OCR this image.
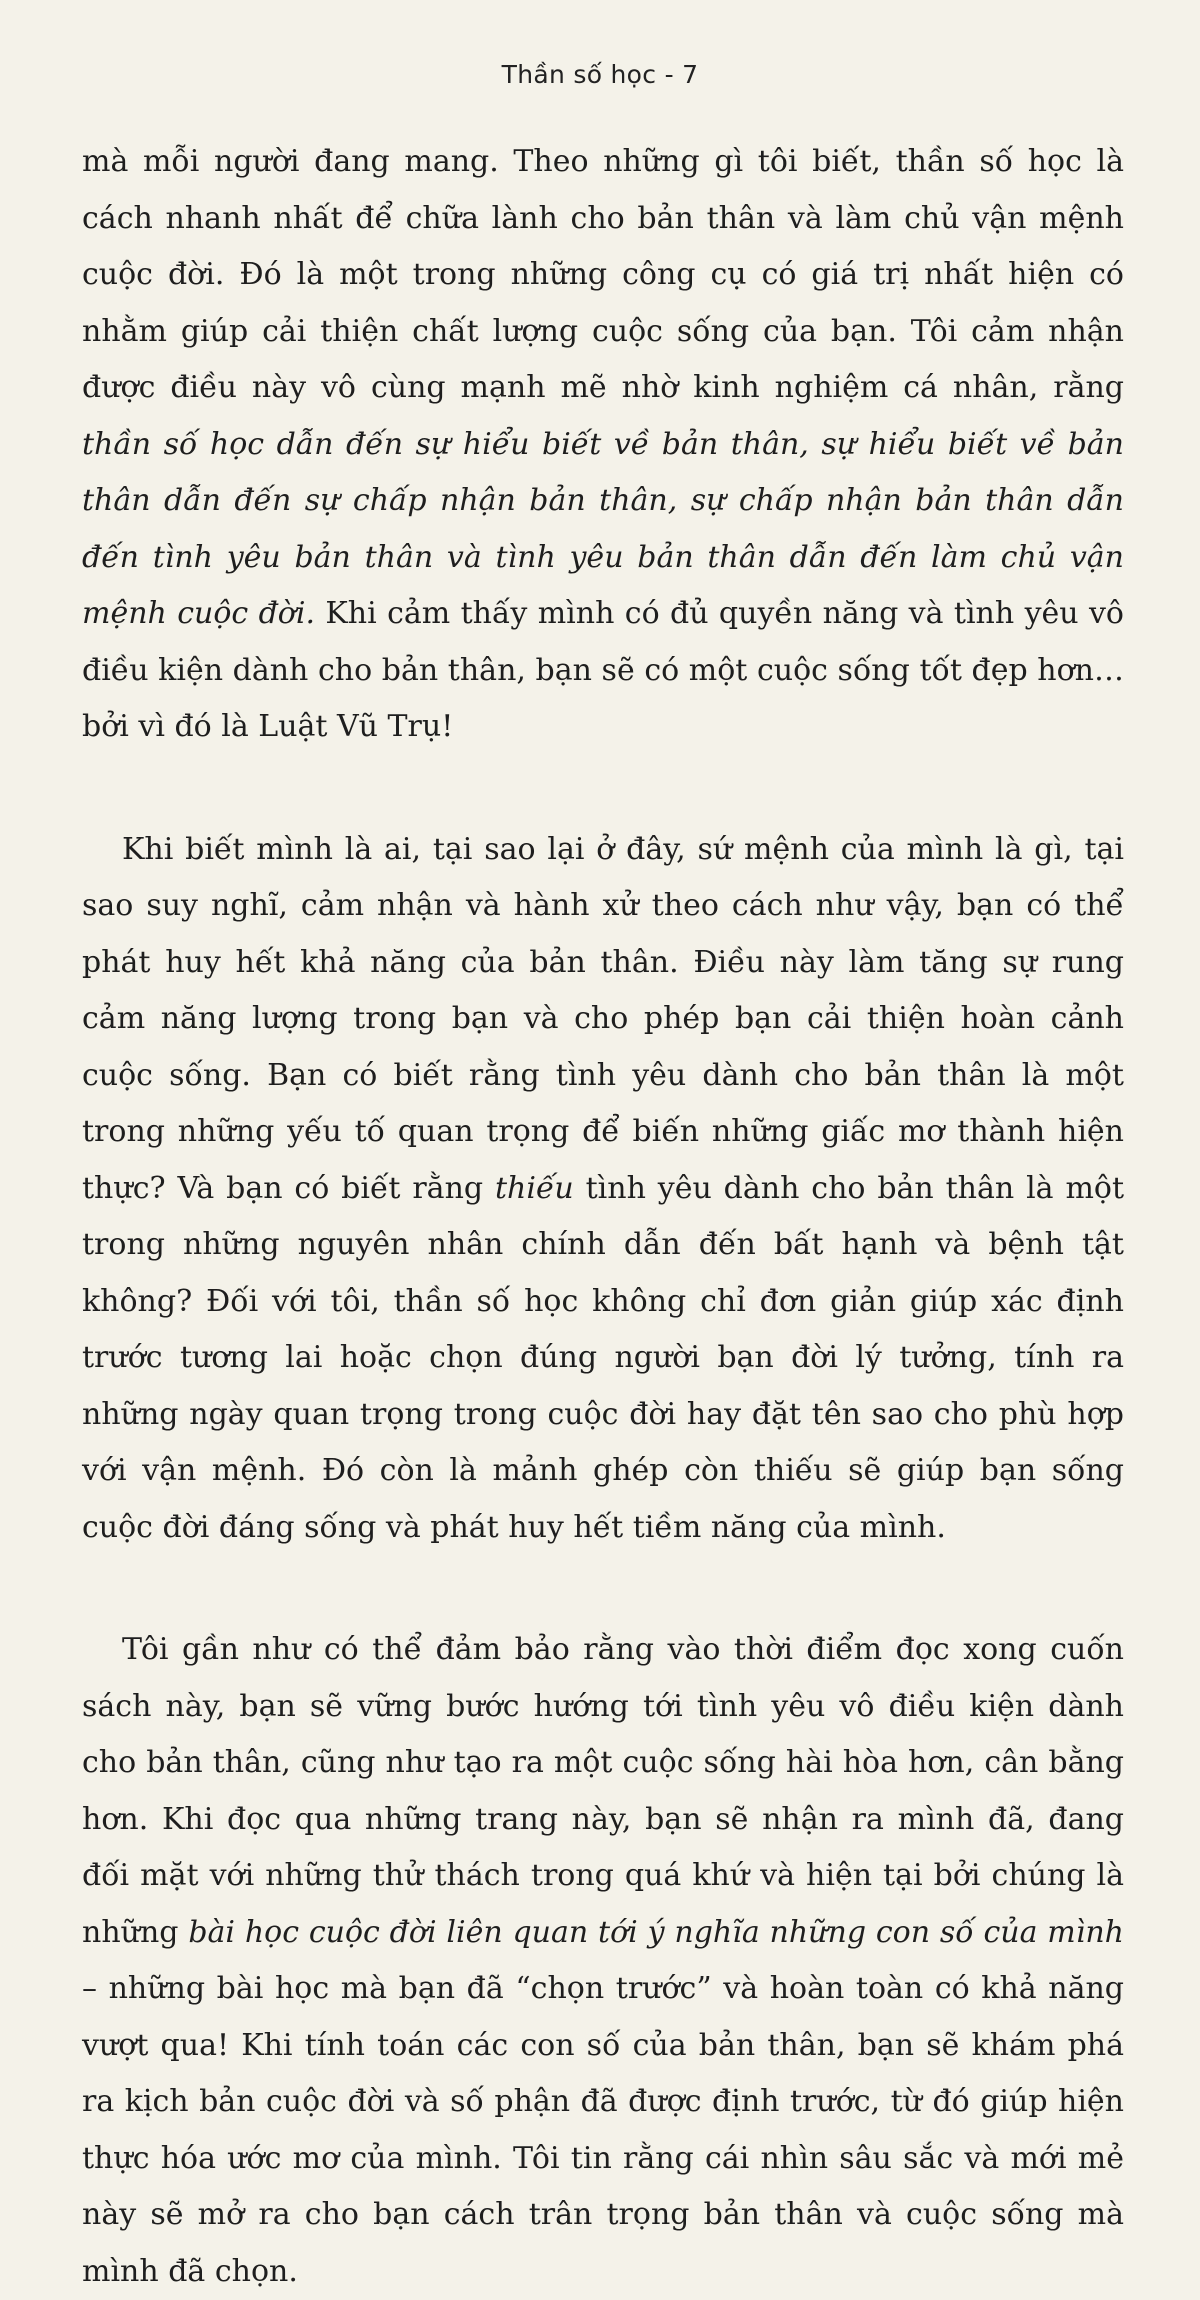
Thần số học - 7

mà mỗi người đang mang. Theo những gì tôi biết, thần số học là cách nhanh nhất để chữa lành cho bản thân và làm chủ vận mệnh cuộc đời. Đó là một trong những công cụ có giá trị nhất hiện có nhằm giúp cải thiện chất lượng cuộc sống của bạn. Tôi cảm nhận được điều này vô cùng mạnh mẽ nhờ kinh nghiệm cá nhân, rằng thần số học dẫn đến sự hiểu biết về bản thân, sự hiểu biết về bản thân dẫn đến sự chấp nhận bản thân, sự chấp nhận bản thân dẫn đến tình yêu bản thân và tình yêu bản thân dẫn đến làm chủ vận mệnh cuộc đời. Khi cảm thấy mình có đủ quyền năng và tình yêu vô điều kiện dành cho bản thân, bạn sẽ có một cuộc sống tốt đẹp hơn… bởi vì đó là Luật Vũ Trụ!

Khi biết mình là ai, tại sao lại ở đây, sứ mệnh của mình là gì, tại sao suy nghĩ, cảm nhận và hành xử theo cách như vậy, bạn có thể phát huy hết khả năng của bản thân. Điều này làm tăng sự rung cảm năng lượng trong bạn và cho phép bạn cải thiện hoàn cảnh cuộc sống. Bạn có biết rằng tình yêu dành cho bản thân là một trong những yếu tố quan trọng để biến những giấc mơ thành hiện thực? Và bạn có biết rằng thiếu tình yêu dành cho bản thân là một trong những nguyên nhân chính dẫn đến bất hạnh và bệnh tật không? Đối với tôi, thần số học không chỉ đơn giản giúp xác định trước tương lai hoặc chọn đúng người bạn đời lý tưởng, tính ra những ngày quan trọng trong cuộc đời hay đặt tên sao cho phù hợp với vận mệnh. Đó còn là mảnh ghép còn thiếu sẽ giúp bạn sống cuộc đời đáng sống và phát huy hết tiềm năng của mình.

Tôi gần như có thể đảm bảo rằng vào thời điểm đọc xong cuốn sách này, bạn sẽ vững bước hướng tới tình yêu vô điều kiện dành cho bản thân, cũng như tạo ra một cuộc sống hài hòa hơn, cân bằng hơn. Khi đọc qua những trang này, bạn sẽ nhận ra mình đã, đang đối mặt với những thử thách trong quá khứ và hiện tại bởi chúng là những bài học cuộc đời liên quan tới ý nghĩa những con số của mình – những bài học mà bạn đã “chọn trước” và hoàn toàn có khả năng vượt qua! Khi tính toán các con số của bản thân, bạn sẽ khám phá ra kịch bản cuộc đời và số phận đã được định trước, từ đó giúp hiện thực hóa ước mơ của mình. Tôi tin rằng cái nhìn sâu sắc và mới mẻ này sẽ mở ra cho bạn cách trân trọng bản thân và cuộc sống mà mình đã chọn.
